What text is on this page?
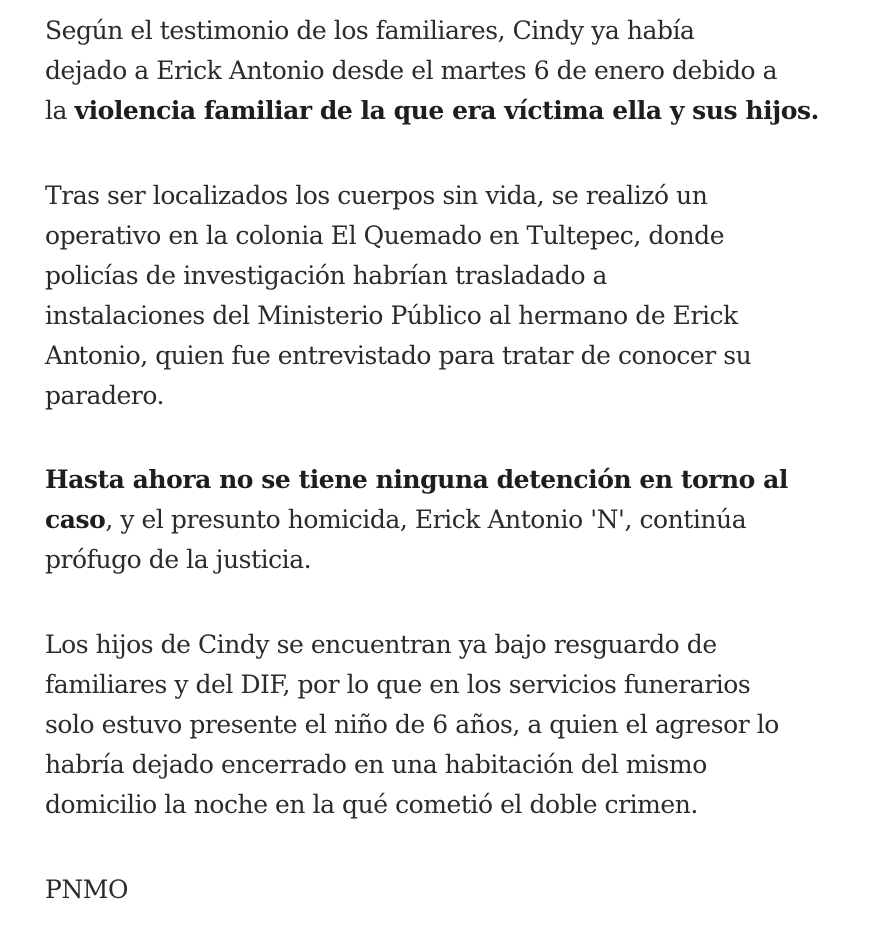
Según el testimonio de los familiares, Cindy ya había
dejado a Erick Antonio desde el martes 6 de enero debido a
la violencia familiar de la que era víctima ella y sus hijos.

Tras ser localizados los cuerpos sin vida, se realizó un
operativo en la colonia El Quemado en Tultepec, donde
policías de investigación habrían trasladado a
instalaciones del Ministerio Público al hermano de Erick
Antonio, quien fue entrevistado para tratar de conocer su
paradero.

Hasta ahora no se tiene ninguna detención en torno al
caso, y el presunto homicida, Erick Antonio 'N', continúa
prófugo de la justicia.

Los hijos de Cindy se encuentran ya bajo resguardo de
familiares y del DIF, por lo que en los servicios funerarios
solo estuvo presente el niño de 6 años, a quien el agresor lo
habría dejado encerrado en una habitación del mismo
domicilio la noche en la qué cometió el doble crimen.

PNMO
